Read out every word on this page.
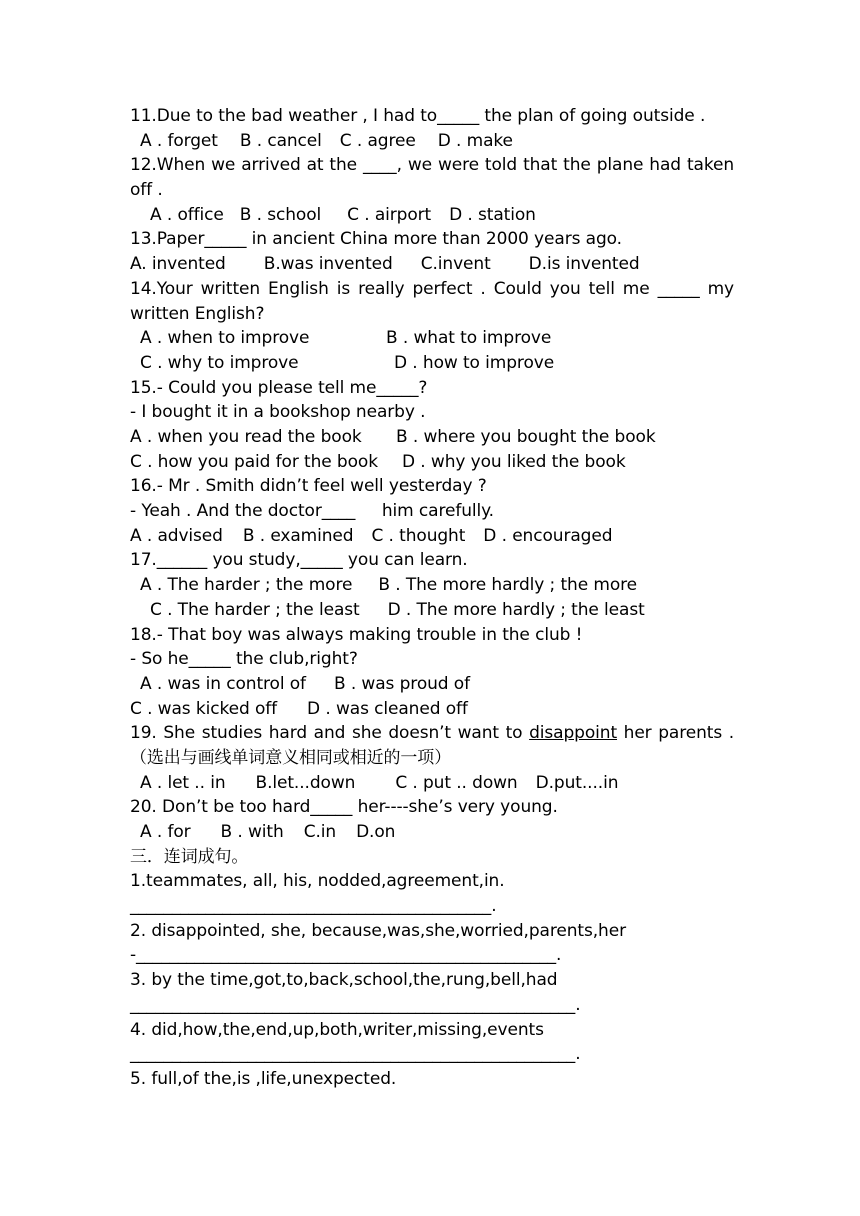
11.Due to the bad weather , I had to_____ the plan of going outside .
A . forget B . cancel C . agree D . make
12.When we arrived at the ____, we were told that the plane had taken off .
A . office B . school C . airport D . station
13.Paper_____ in ancient China more than 2000 years ago.
A. invented B.was invented C.invent D.is invented
14.Your written English is really perfect . Could you tell me _____ my written English?
A . when to improve	B . what to improve
C . why to improve	D . how to improve
15.- Could you please tell me_____?
- I bought it in a bookshop nearby .
A . when you read the book B . where you bought the book
C . how you paid for the book D . why you liked the book
16.- Mr . Smith didn’t feel well yesterday ?
- Yeah . And the doctor____     him carefully.
A . advised B . examined C . thought D . encouraged
17.______ you study,_____ you can learn.
A . The harder ; the more B . The more hardly ; the more
C . The harder ; the least D . The more hardly ; the least
18.- That boy was always making trouble in the club !
- So he_____ the club,right?
A . was in control of B . was proud of
C . was kicked off D . was cleaned off
19. She studies hard and she doesn’t want to disappoint her parents .（选出与画线单词意义相同或相近的一项）
A . let .. in B.let...down C . put .. down D.put....in
20. Don’t be too hard_____ her----she’s very young.
A . for B . with C.in D.on
三．连词成句。
1.teammates, all, his, nodded,agreement,in.
___________________________________________.
2. disappointed, she, because,was,she,worried,parents,her
-__________________________________________________.
3. by the time,got,to,back,school,the,rung,bell,had
_____________________________________________________.
4. did,how,the,end,up,both,writer,missing,events
_____________________________________________________.
5. full,of the,is ,life,unexpected.
